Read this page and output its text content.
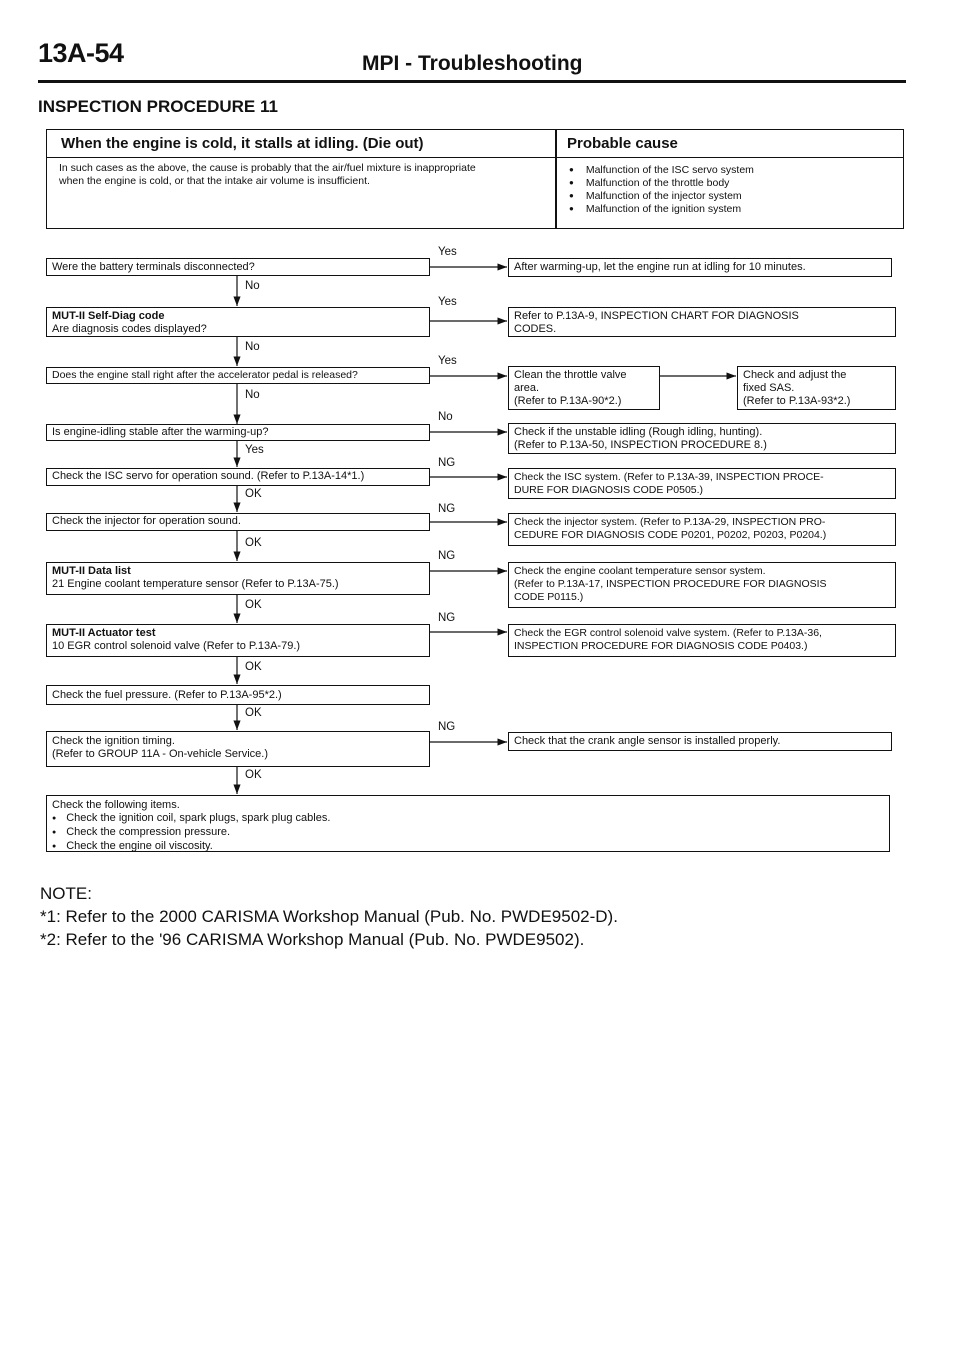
13A-54	MPI - Troubleshooting
INSPECTION PROCEDURE 11
When the engine is cold, it stalls at idling. (Die out)	Probable cause
In such cases as the above, the cause is probably that the air/fuel mixture is inappropriate
when the engine is cold, or that the intake air volume is insufficient.
● Malfunction of the ISC servo system
● Malfunction of the throttle body
● Malfunction of the injector system
● Malfunction of the ignition system
Yes
Yes
Yes
No
NG
NG
NG
NG
NG
No
No
No
Yes
OK
OK
OK
OK
OK
OK
Were the battery terminals disconnected?
MUT-II Self-Diag code
Are diagnosis codes displayed?
Does the engine stall right after the accelerator pedal is released?
Is engine-idling stable after the warming-up?
Check the ISC servo for operation sound. (Refer to P.13A-14*1.)
Check the injector for operation sound.
MUT-II Data list
21 Engine coolant temperature sensor (Refer to P.13A-75.)
MUT-II Actuator test
10 EGR control solenoid valve (Refer to P.13A-79.)
Check the fuel pressure. (Refer to P.13A-95*2.)
Check the ignition timing.
(Refer to GROUP 11A - On-vehicle Service.)
Check the following items.
● Check the ignition coil, spark plugs, spark plug cables.
● Check the compression pressure.
● Check the engine oil viscosity.
After warming-up, let the engine run at idling for 10 minutes.
Refer to P.13A-9, INSPECTION CHART FOR DIAGNOSIS
CODES.
Clean the throttle valve
area.
(Refer to P.13A-90*2.)
Check and adjust the
fixed SAS.
(Refer to P.13A-93*2.)
Check if the unstable idling (Rough idling, hunting).
(Refer to P.13A-50, INSPECTION PROCEDURE 8.)
Check the ISC system. (Refer to P.13A-39, INSPECTION PROCE-
DURE FOR DIAGNOSIS CODE P0505.)
Check the injector system. (Refer to P.13A-29, INSPECTION PRO-
CEDURE FOR DIAGNOSIS CODE P0201, P0202, P0203, P0204.)
Check the engine coolant temperature sensor system.
(Refer to P.13A-17, INSPECTION PROCEDURE FOR DIAGNOSIS
CODE P0115.)
Check the EGR control solenoid valve system. (Refer to P.13A-36,
INSPECTION PROCEDURE FOR DIAGNOSIS CODE P0403.)
Check that the crank angle sensor is installed properly.
NOTE:
*1: Refer to the 2000 CARISMA Workshop Manual (Pub. No. PWDE9502-D).
*2: Refer to the '96 CARISMA Workshop Manual (Pub. No. PWDE9502).
